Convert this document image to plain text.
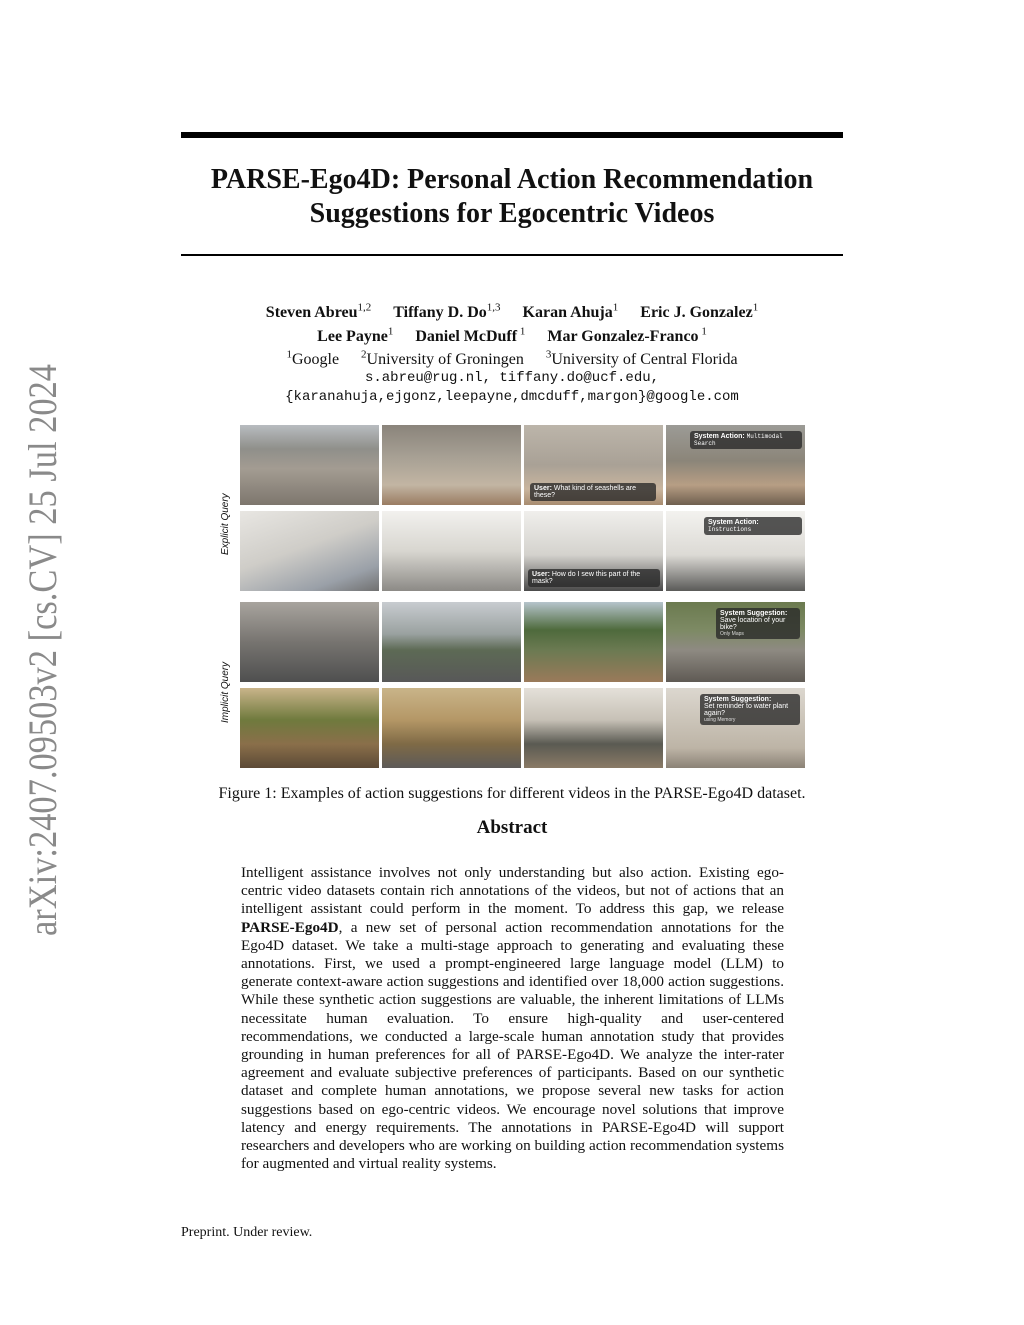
arXiv:2407.09503v2 [cs.CV] 25 Jul 2024
PARSE-Ego4D: Personal Action Recommendation
Suggestions for Egocentric Videos
Steven Abreu$^{1,2}$ Tiffany D. Do$^{1,3}$ Karan Ahuja$^1$ Eric J. Gonzalez$^1$
Lee Payne$^1$ Daniel McDuff $^1$ Mar Gonzalez-Franco $^1$
$^1$Google $^2$University of Groningen $^3$University of Central Florida
s.abreu@rug.nl, tiffany.do@ucf.edu,
{karanahuja,ejgonz,leepayne,dmcduff,margon}@google.com
Explicit Query
Implicit Query
User: What kind of seashells are these?
System Action: Multimodal Search
User: How do I sew this part of the mask?
System Action: Instructions
System Suggestion:
Save location of your bike?
Only Maps
System Suggestion:
Set reminder to water plant again?
using Memory
Figure 1: Examples of action suggestions for different videos in the PARSE-Ego4D dataset.
Abstract
Intelligent assistance involves not only understanding but also action. Existing ego-centric video datasets contain rich annotations of the videos, but not of actions that an intelligent assistant could perform in the moment. To address this gap, we release PARSE-Ego4D, a new set of personal action recommendation annotations for the Ego4D dataset. We take a multi-stage approach to generating and evaluating these annotations. First, we used a prompt-engineered large language model (LLM) to generate context-aware action suggestions and identified over 18,000 action suggestions. While these synthetic action suggestions are valuable, the inherent limitations of LLMs necessitate human evaluation. To ensure high-quality and user-centered recommendations, we conducted a large-scale human annotation study that provides grounding in human preferences for all of PARSE-Ego4D. We analyze the inter-rater agreement and evaluate subjective preferences of participants. Based on our synthetic dataset and complete human annotations, we propose several new tasks for action suggestions based on ego-centric videos. We encourage novel solutions that improve latency and energy requirements. The annotations in PARSE-Ego4D will support researchers and developers who are working on building action recommendation systems for augmented and virtual reality systems.
Preprint. Under review.
